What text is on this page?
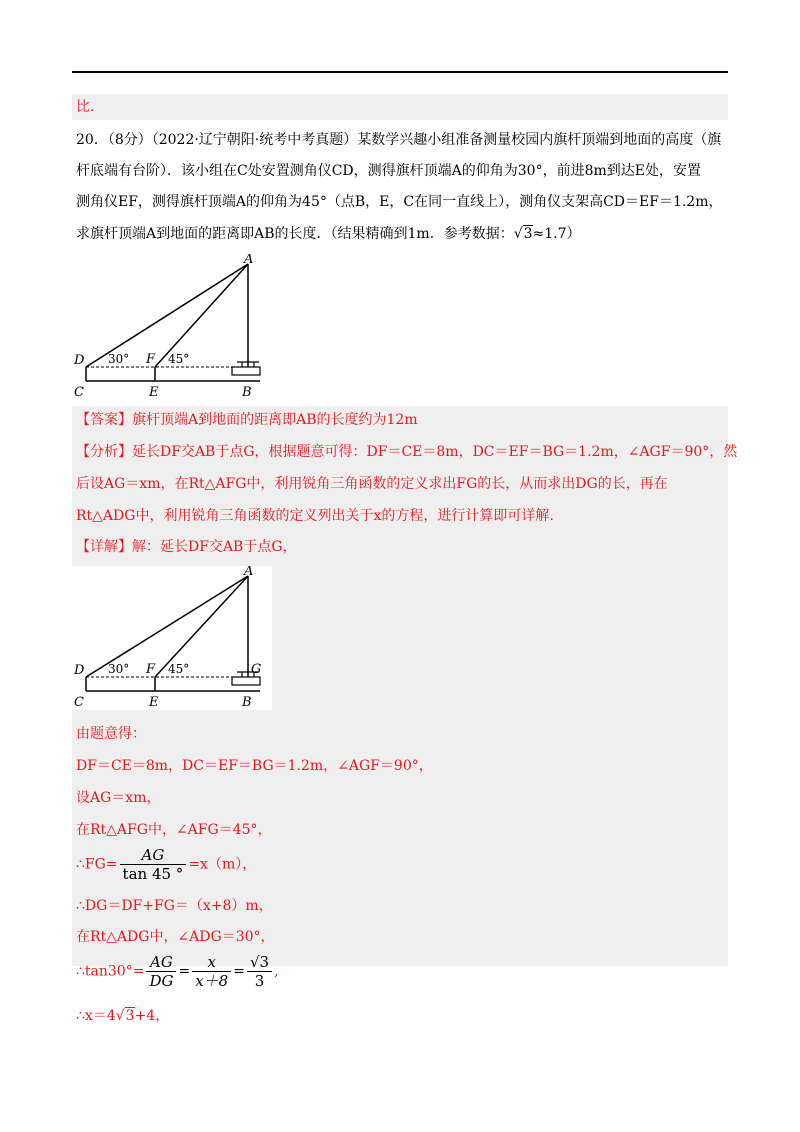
比.
20．（8分）（2022·辽宁朝阳·统考中考真题）某数学兴趣小组准备测量校园内旗杆顶端到地面的高度（旗
杆底端有台阶）．该小组在C处安置测角仪CD，测得旗杆顶端A的仰角为30°，前进8m到达E处，安置
测角仪EF，测得旗杆顶端A的仰角为45°（点B，E，C在同一直线上），测角仪支架高CD＝EF＝1.2m，
求旗杆顶端A到地面的距离即AB的长度．（结果精确到1m．参考数据：√3≈1.7）
A
D	F
30°	45°
C	E	B
【答案】旗杆顶端A到地面的距离即AB的长度约为12m
【分析】延长DF交AB于点G，根据题意可得：DF＝CE＝8m，DC＝EF＝BG＝1.2m，∠AGF＝90°，然
后设AG＝xm，在Rt△AFG中，利用锐角三角函数的定义求出FG的长，从而求出DG的长，再在
Rt△ADG中，利用锐角三角函数的定义列出关于x的方程，进行计算即可详解.
【详解】解：延长DF交AB于点G，
A
D	F	G
30°	45°
C	E	B
由题意得：
DF＝CE＝8m，DC＝EF＝BG＝1.2m，∠AGF＝90°，
设AG＝xm，
在Rt△AFG中，∠AFG＝45°，
∴FG= $\frac{AG}{\tan 45 ^\circ} =x(m)$，
∴DG＝DF+FG＝（x+8）m，
在Rt△ADG中，∠ADG＝30°，
∴tan30°= $\frac{AG}{DG} = \frac{x}{x+8} = \frac{√3}{3}$ ,
∴x＝4√3+4，
